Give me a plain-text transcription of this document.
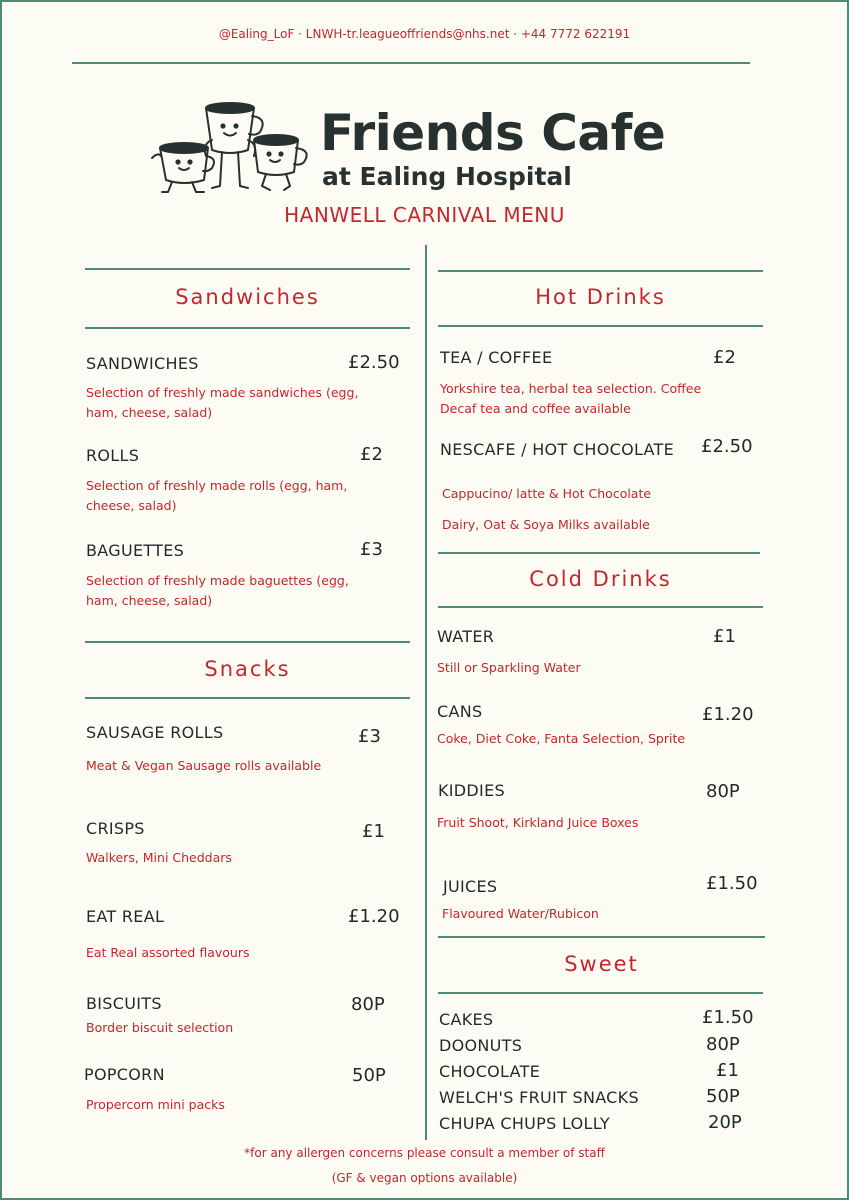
@Ealing_LoF · LNWH-tr.leagueoffriends@nhs.net · +44 7772 622191
Friends Cafe
at Ealing Hospital
HANWELL CARNIVAL MENU
Sandwiches
SANDWICHES	£2.50
Selection of freshly made sandwiches (egg, ham, cheese, salad)
ROLLS	£2
Selection of freshly made rolls (egg, ham, cheese, salad)
BAGUETTES	£3
Selection of freshly made baguettes (egg, ham, cheese, salad)
Snacks
SAUSAGE ROLLS	£3
Meat & Vegan Sausage rolls available
CRISPS	£1
Walkers, Mini Cheddars
EAT REAL	£1.20
Eat Real assorted flavours
BISCUITS	80P
Border biscuit selection
POPCORN	50P
Propercorn mini packs
Hot Drinks
TEA / COFFEE	£2
Yorkshire tea, herbal tea selection. Coffee
Decaf tea and coffee available
NESCAFE / HOT CHOCOLATE £2.50
Cappucino/ latte & Hot Chocolate
Dairy, Oat & Soya Milks available
Cold Drinks
WATER	£1
Still or Sparkling Water
CANS	£1.20
Coke, Diet Coke, Fanta Selection, Sprite
KIDDIES	80P
Fruit Shoot, Kirkland Juice Boxes
JUICES	£1.50
Flavoured Water/Rubicon
Sweet
CAKES	£1.50
DOONUTS	80P
CHOCOLATE	£1
WELCH'S FRUIT SNACKS	50P
CHUPA CHUPS LOLLY	20P
*for any allergen concerns please consult a member of staff
(GF & vegan options available)
